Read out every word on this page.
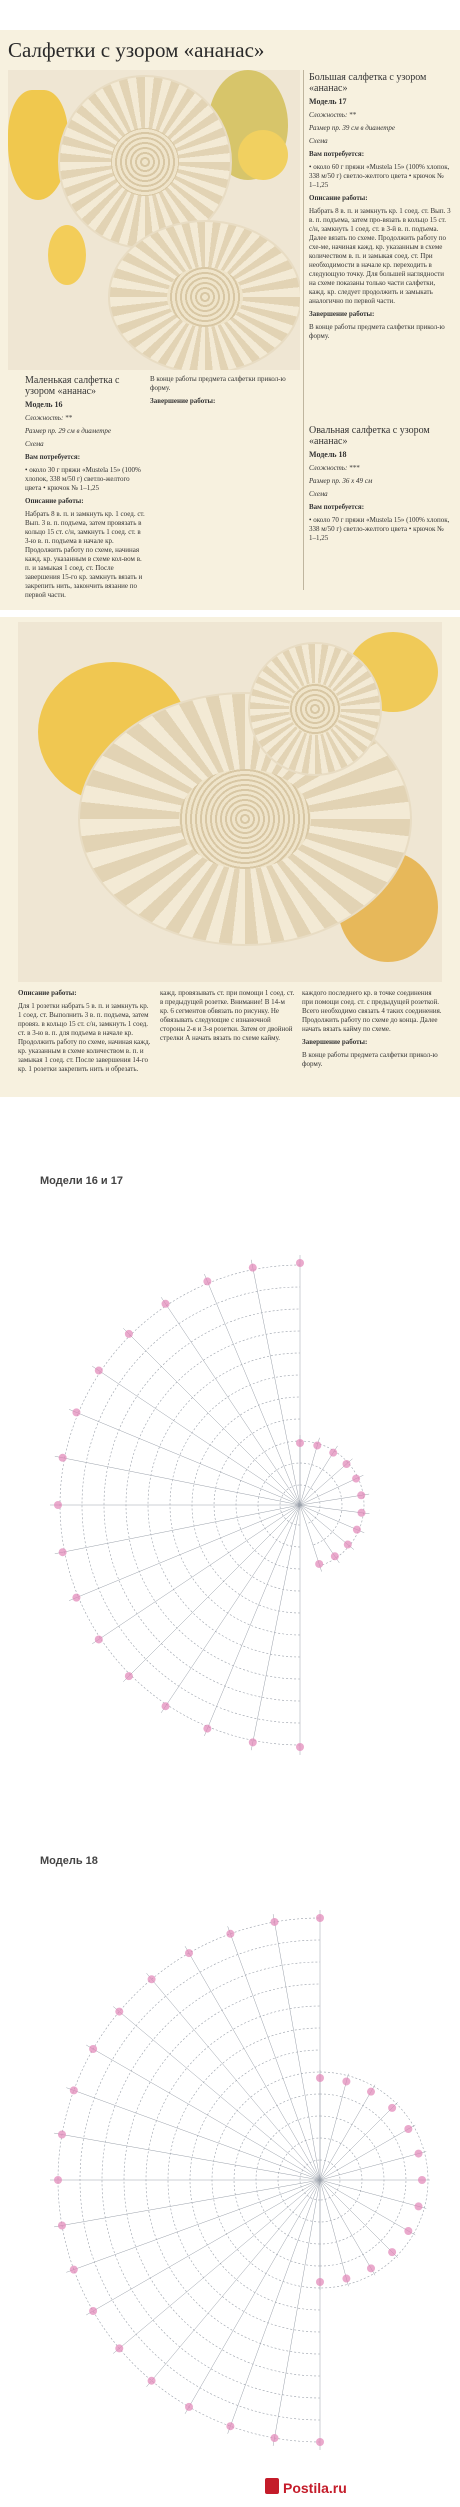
Салфетки с узором «ананас»
Большая салфетка с узором «ананас»
Модель 17

Сложность: **

Размер пр. 39 см в диаметре

Схема

Вам потребуется:

• около 60 г пряжи «Mustela 15» (100% хлопок, 338 м/50 г) светло-желтого цвета • крючок № 1–1,25

Описание работы:

Набрать 8 в. п. и замкнуть кр. 1 соед. ст. Вып. 3 в. п. подъема, затем про-вязать в кольцо 15 ст. с/н, замкнуть 1 соед. ст. в 3-й в. п. подъема. Далее вязать по схеме. Продолжить работу по схе-ме, начиная кажд. кр. указанным в схеме количеством в. п. и замыкая соед. ст. При необходимости в начале кр. переходить в следующую точку. Для большей наглядности на схеме показаны только части салфетки, кажд. кр. следует продолжить и замыкать аналогично по первой части.

Завершение работы:

В конце работы предмета салфетки прикол-ю форму.

Маленькая салфетка с узором «ананас»
Модель 16

Сложность: **

Размер пр. 29 см в диаметре

Схема

Вам потребуется:

• около 30 г пряжи «Mustela 15» (100% хлопок, 338 м/50 г) светло-желтого цвета • крючок № 1–1,25

Описание работы:

Набрать 8 в. п. и замкнуть кр. 1 соед. ст. Вып. 3 в. п. подъема, затем провязать в кольцо 15 ст. с/н, замкнуть 1 соед. ст. в 3-ю в. п. подъема в начале кр. Продолжить работу по схеме, начиная кажд. кр. указанным в схеме кол-вом в. п. и замыкая 1 соед. ст. После завершения 15-го кр. замкнуть вязать и закрепить нить, закончить вязание по первой части.

В конце работы предмета салфетки прикол-ю форму.

Завершение работы:

Овальная салфетка с узором «ананас»
Модель 18

Сложность: ***

Размер пр. 36 х 49 см

Схема

Вам потребуется:

• около 70 г пряжи «Mustela 15» (100% хлопок, 338 м/50 г) светло-желтого цвета • крючок № 1–1,25

Описание работы:

Для 1 розетки набрать 5 в. п. и замкнуть кр. 1 соед. ст. Выполнить 3 в. п. подъема, затем провяз. в кольцо 15 ст. с/н, замкнуть 1 соед. ст. в 3-ю в. п. для подъема в начале кр. Продолжить работу по схеме, начиная кажд. кр. указанным в схеме количеством в. п. и замыкая 1 соед. ст. После завершения 14-го кр. 1 розетки закрепить нить и обрезать.

кажд. провязывать ст. при помощи 1 соед. ст. в предыдущей розетке. Внимание! В 14-м кр. 6 сегментов обвязать по рисунку. Не обвязывать следующие с изнаночной стороны 2-я и 3-я розетки. Затем от двойной стрелки А начать вязать по схеме кайму.

каждого последнего кр. в точке соединения при помощи соед. ст. с предыдущей розеткой. Всего необходимо связать 4 таких соединения. Продолжить работу по схеме до конца. Далее начать вязать кайму по схеме.

Завершение работы:

В конце работы предмета салфетки прикол-ю форму.

Модели 16 и 17
Модель 18
Postila.ru
